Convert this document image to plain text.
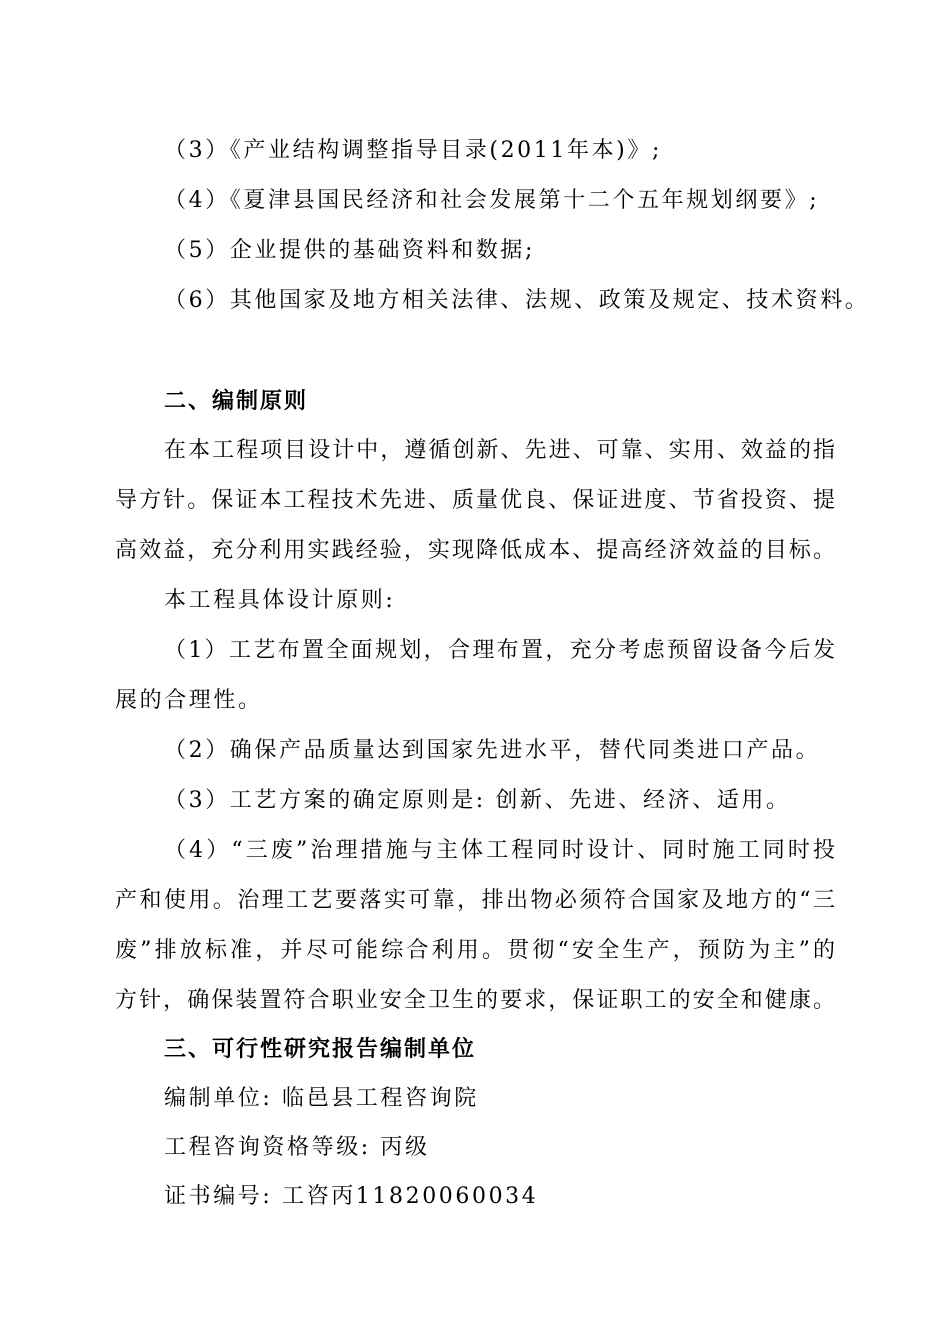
（3）《产业结构调整指导目录(2011年本)》;
（4）《夏津县国民经济和社会发展第十二个五年规划纲要》;
（5）企业提供的基础资料和数据;
（6）其他国家及地方相关法律、法规、政策及规定、技术资料。
二、编制原则
在本工程项目设计中，遵循创新、先进、可靠、实用、效益的指
导方针。保证本工程技术先进、质量优良、保证进度、节省投资、提
高效益，充分利用实践经验，实现降低成本、提高经济效益的目标。
本工程具体设计原则:
（1）工艺布置全面规划，合理布置，充分考虑预留设备今后发
展的合理性。
（2）确保产品质量达到国家先进水平，替代同类进口产品。
（3）工艺方案的确定原则是: 创新、先进、经济、适用。
（4）“三废”治理措施与主体工程同时设计、同时施工同时投
产和使用。治理工艺要落实可靠，排出物必须符合国家及地方的“三
废”排放标准，并尽可能综合利用。贯彻“安全生产，预防为主”的
方针，确保装置符合职业安全卫生的要求，保证职工的安全和健康。
三、可行性研究报告编制单位
编制单位: 临邑县工程咨询院
工程咨询资格等级: 丙级
证书编号: 工咨丙11820060034
